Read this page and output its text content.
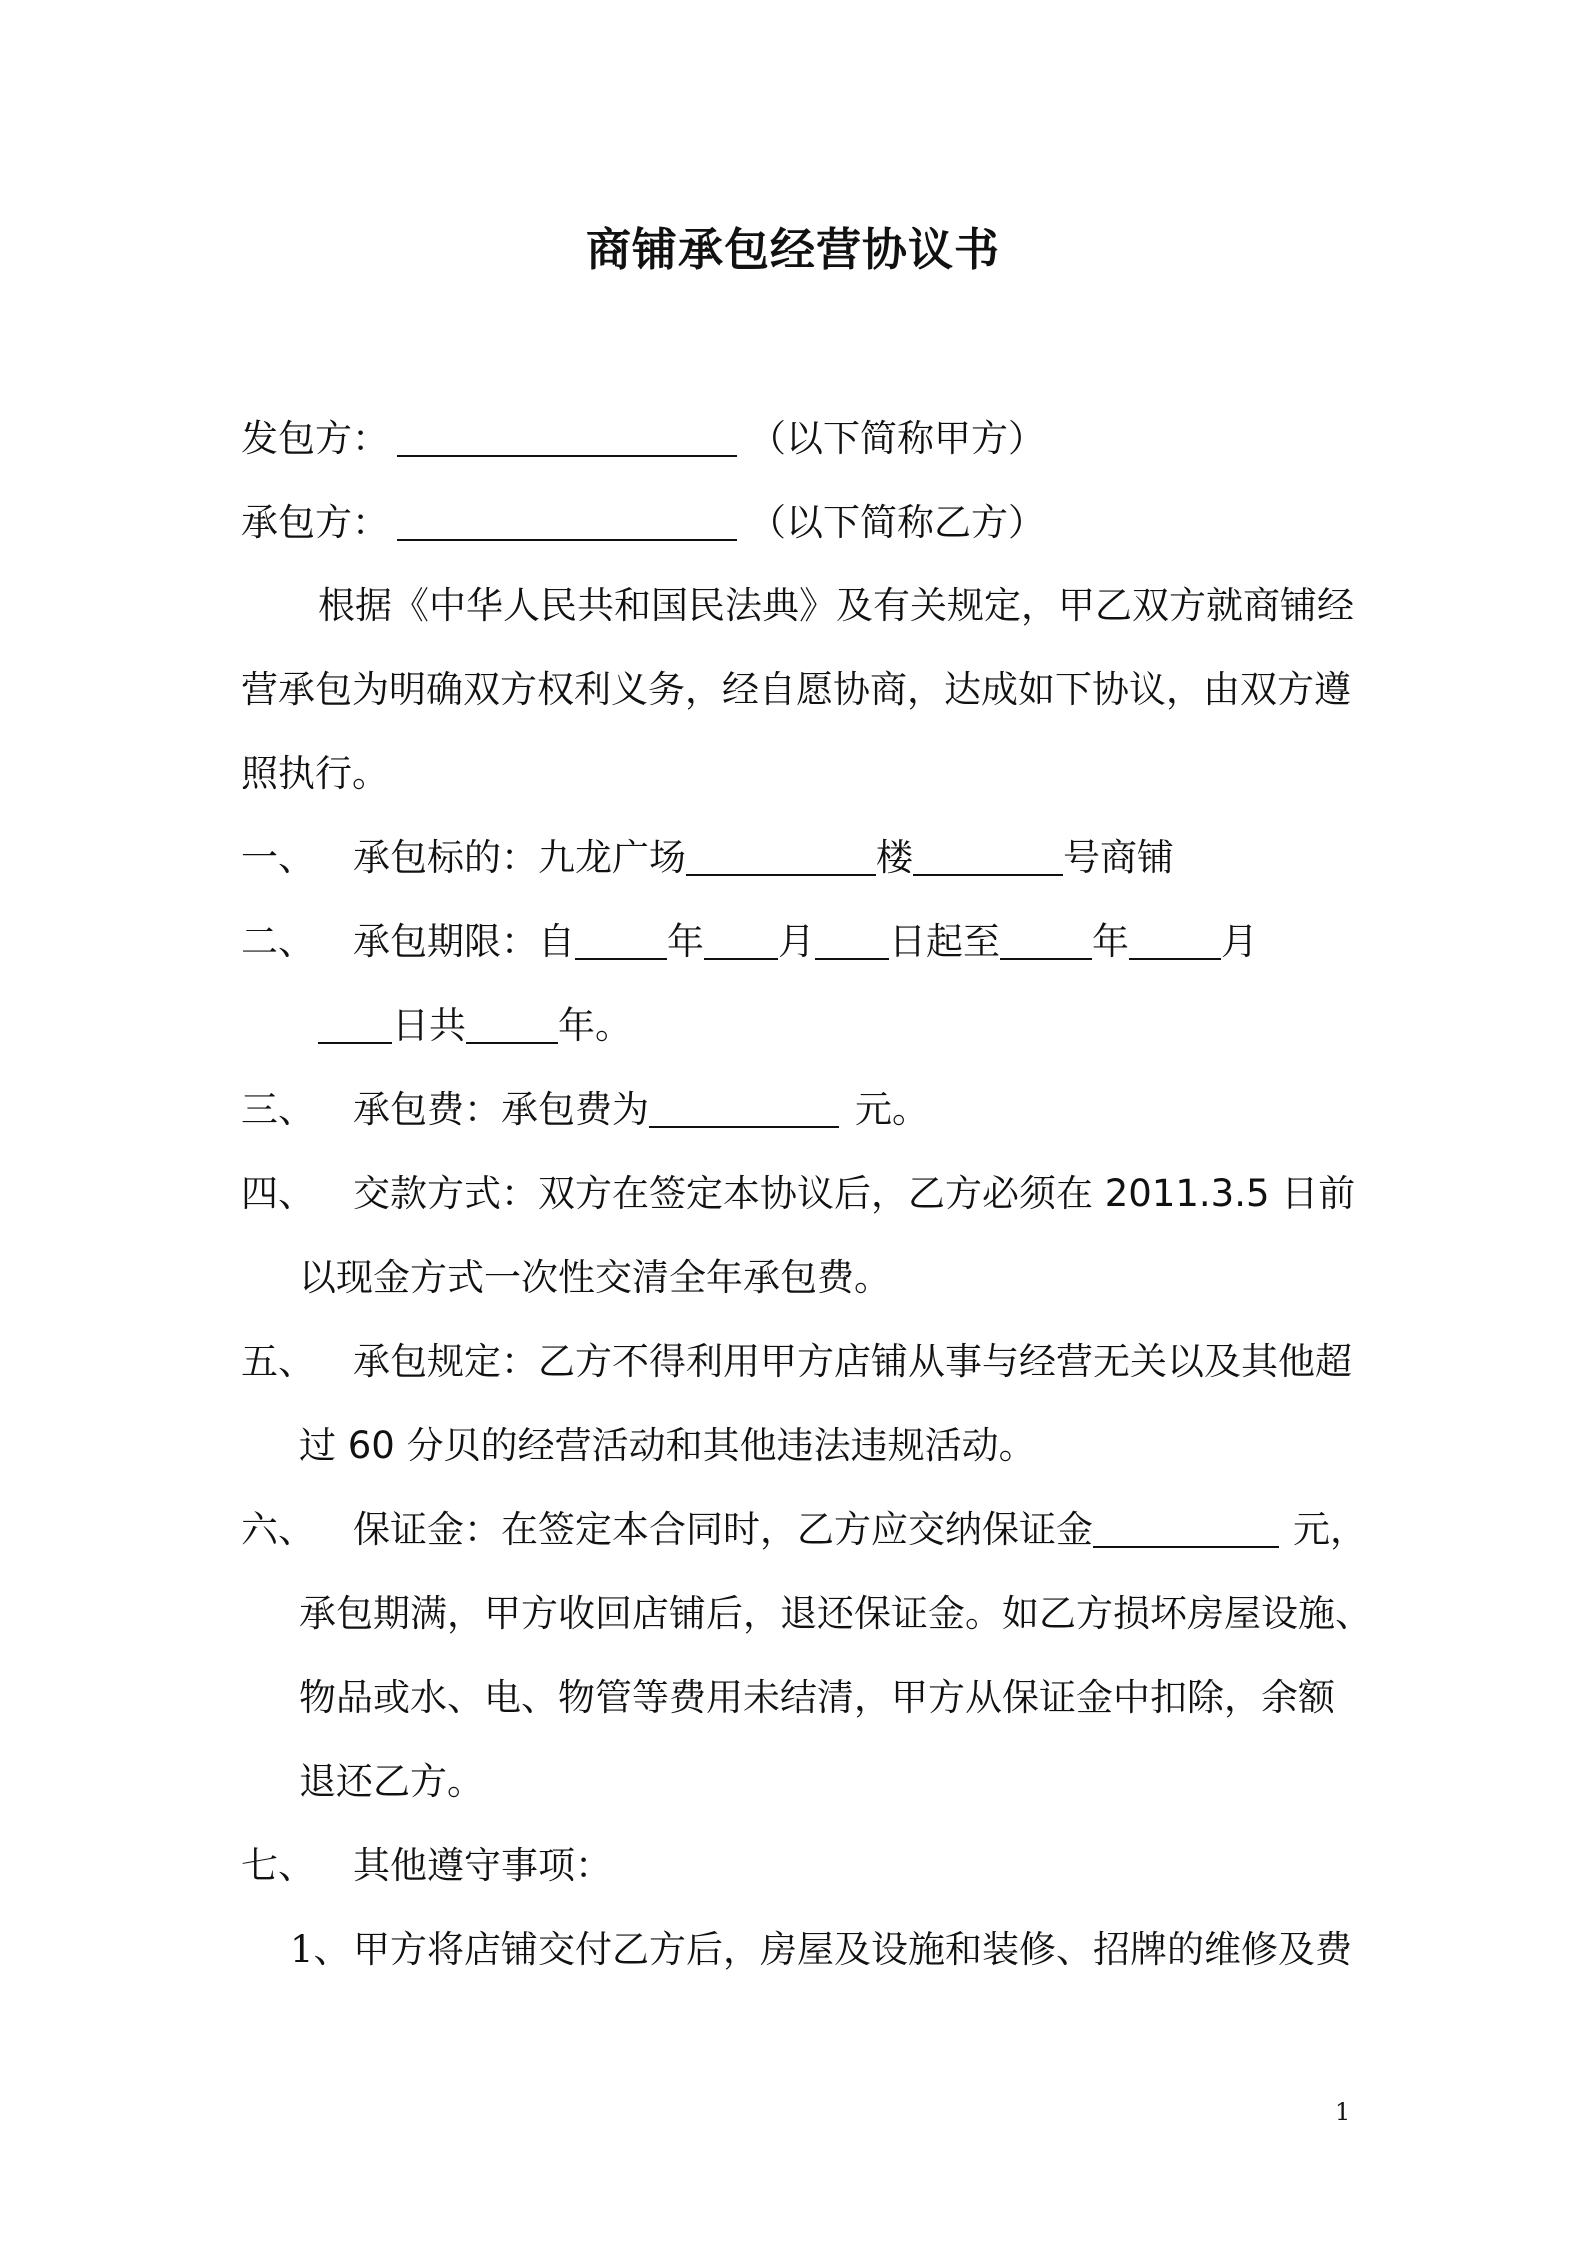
商铺承包经营协议书
发包方：	（以下简称甲方）
承包方：	（以下简称乙方）
根据《中华人民共和国民法典》及有关规定，甲乙双方就商铺经
营承包为明确双方权利义务，经自愿协商，达成如下协议，由双方遵
照执行。
一、 承包标的：九龙广场	楼	号商铺
二、 承包期限：自 年 月 日起至 年 月
日共 年。
三、 承包费：承包费为	元。
四、 交款方式：双方在签定本协议后，乙方必须在 2011.3.5 日前
以现金方式一次性交清全年承包费。
五、 承包规定：乙方不得利用甲方店铺从事与经营无关以及其他超
过 60 分贝的经营活动和其他违法违规活动。
六、 保证金：在签定本合同时，乙方应交纳保证金	元，
承包期满，甲方收回店铺后，退还保证金。如乙方损坏房屋设施、
物品或水、电、物管等费用未结清，甲方从保证金中扣除，余额
退还乙方。
七、 其他遵守事项：
1、甲方将店铺交付乙方后，房屋及设施和装修、招牌的维修及费
1
